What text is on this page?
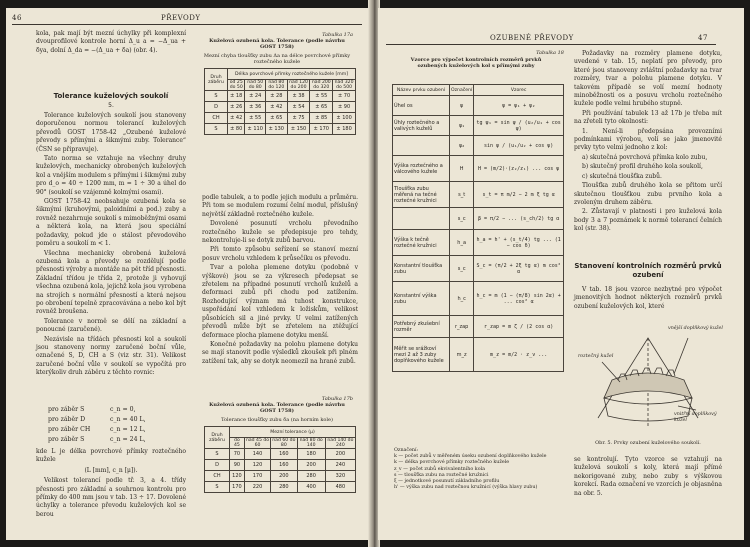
46	PŘEVODY

kola, pak mají být mezní úchylky při komplexní dvouprofilové kontrole horní Δ_u a = −Δ_ua + δya, dolní Δ_da = −(Δ_ua + δa) (obr. 4).

Tolerance kuželových soukolí
5.

Tolerance kuželových soukolí jsou stanoveny doporučenou normou tolerancí kuželových převodů GOST 1758-42 „Ozubené kuželové převody s přímými a šikmými zuby. Tolerance“ (ČSN se připravuje).

Tato norma se vztahuje na všechny druhy kuželových, mechanicky obrobených kuželových kol a vnějším modulem s přímými i šikmými zuby pro d_o = 40 ÷ 1200 mm, m = 1 ÷ 30 a úhel do 90° (soukolí se vzájemně kolmými osami).

GOST 1758-42 neobsahuje ozubená kola se šikmými (kruhovými, paloidními a pod.) zuby a rovněž nezahrnuje soukolí s mimoběžnými osami a některá kola, na která jsou speciální požadavky, pokud jde o stálost převodového poměru a soukolí m < 1.

Všechna mechanicky obrobená kuželová ozubená kola a převody se rozdělují podle přesnosti výroby a montáže na pět tříd přesnosti. Základní třídou je třída 2, protože ji vyhovují všechna ozubená kola, jejichž kola jsou vyrobena na strojích s normální přesností a která nejsou po obrobení tepelně zpracovávána a nebo kol být rovněž broušena.

Tolerance v normě se dělí na základní a ponoucné (zaručené).

Nezávisle na třídách přesnosti kol a soukolí jsou stanoveny normy zaručené boční vůle, označené S, D, CH a S (viz str. 31). Velikost zaručené boční vůle v soukolí se vypočítá pro kterýkoliv druh záběru z těchto rovnic:

pro záběr S	c_n = 0,
pro záběr D	c_n = 40 L,
pro záběr CH	c_n = 12 L,
pro záběr S	c_n = 24 L,

kde L je délka povrchové přímky roztečného kužele

(L [mm], c_n [μ]).

Velikost tolerancí podle tř. 3, a 4. třídy přesnosti pro základní a souhrnou kontrolu pro přímky do 400 mm jsou v tab. 13 ÷ 17. Dovolené úchylky a tolerance převodu kuželových kol se berou

Tabulka 17a
Kuželová ozubená kola. Tolerance (podle návrhu GOST 1758)
Mezní chyba tloušťky zubu Δa na délce povrchové přímky roztečného kužele
Druh záběru	Délka povrchové přímky roztečného kužele [mm]					
	od 25 do 50	nad 50 do 80	nad 80 do 120	nad 120 do 200	nad 200 do 320	nad 320 do 500
S	± 18	± 24	± 28	± 38	± 55	± 70
D	± 26	± 36	± 42	± 54	± 65	± 90
CH	± 42	± 55	± 65	± 75	± 85	± 100
S	± 80	± 110	± 130	± 150	± 170	± 180

podle tabulek, a to podle jejich modulu a průměru. Při tom se modulem rozumí čelní modul, příslušný největší základně roztečného kužele.

Dovolené posunutí vrcholu převodního roztečného kužele se předepisuje pro tehdy, nekontroluje-li se dotyk zubů barvou.

Při tomto způsobu seřízení se stanoví mezní posuv vrcholu vzhledem k průsečíku os převodu.

Tvar a poloha plemene dotyku (podobně v výškové) jsou se za výkresech předepsat se zřetelem na případné posunutí vrcholů kuželů a deformaci zubů při chodu pod zatížením. Rozhodující význam má tuhost konstrukce, uspořádání kol vzhledem k ložiskům, velikost působících sil a jiné prvky. U velmi zatížených převodů může být se zřetelem na ztěžující deformace plocha plamene dotyku menší.

Konečné požadavky na polohu plamene dotyku se mají stanovit podle výsledků zkoušek při plném zatížení tak, aby se dotyk neomezil na hrané zubů.

Tabulka 17b
Kuželová ozubená kola. Tolerance (podle návrhu GOST 1758)
Tolerance tloušťky zubu δa (na horním kole)
Druh záběru	Mezní tolerance (μ)				
	do 45	nad 45 do 60	nad 60 do 80	nad 80 do 140	nad 140 do 240
S	70	140	160	180	200
D	90	120	160	200	240
CH	120	170	200	280	320
S	170	220	280	400	480
OZUBENÉ PŘEVODY	47
Tabulka 18
Vzorce pro výpočet kontrolních rozměrů prvků ozubených kuželových kol s přímými zuby
Název prvku ozubení	Označení	Vzorec
Úhel os	ψ	ψ = ψ₁ + ψ₂
Úhly roztečného a valivých kuželů	ψ₁	tg ψ₁ = sin ψ / (u₂/u₁ + cos ψ)
	ψ₂	sin ψ / (u₁/u₂ + cos ψ)
Výška roztečného a válcového kužele	H	H = (m/2)·(z₂/z₁) ... cos ψ
Tloušťka zubu měřená na tečné roztečné kružnici	s_t	s_t = π m/2 − 2 m ξ tg α
	s_c	β = π/2 − ... (s_ch/2) tg α
Výška k tečně roztečné kružnici	h_a	h_a = h' + (s_t/4) tg ... (1 − cos δ)
Konstantní tloušťka zubu	s_c	S_c = (π/2 + 2ξ tg α) m cos² α
Konstantní výška zubu	h_c	h_c = m (1 − (π/8) sin 2α) + ... cos² α
Potřebný zkušební rozměr	r_zap	r_zap = m ζ / (2 cos α)
Měřit se srážkoví mezi 2 až 3 zuby doplňkového kužele	m_z	m_z = m/2 · z_v ...
Označení:
k — počet zubů v měřeném úseku ozubení doplňkového kužele
k — délka povrchové přímky roztečného kužele
z_v — počet zubů ekvivalentního kola
s — tloušťka zubu na roztečné kružnici
ξ — jednotkové posunutí základního profilu
h' — výška zubu nad roztečnou kružnicí (výška hlavy zubu)

Požadavky na rozměry plamene dotyku, uvedené v tab. 15, neplatí pro převody, pro které jsou stanoveny zvláštní požadavky na tvar rozměry, tvar a polohu plamene dotyku. V takovém případě se volí mezní hodnoty minoběžnosti os a posuvu vrcholu roztečného kužele podle velmi hrubého stupně.

Při používání tabulek 13 až 17b je třeba mít na zřeteli tyto okolnosti:

1. Není-li předepsána provozními podmínkami výrobou, volí se jako jmenovité prvky tyto velmi jednoho z kol:

a) skutečná povrchová přímka kolo zubu,

b) skutečný profil druhého kola soukolí,

c) skutečná tloušťka zubů.

Tloušťka zubů druhého kola se přitom určí skutečnou tloušťkou zubu prvního kola a zvoleným druhem záběru.

2. Zůstavají v platnosti i pro kuželová kola body 3 a 7 poznámek k normě tolerancí čelních kol (str. 38).

Stanovení kontrolních rozměrů prvků ozubení

V tab. 18 jsou vzorce nezbytné pro výpočet jmenovitých hodnot některých rozměrů prvků ozubení kuželových kol, které

vnější doplňkový kužel
roztečný kužel
vnitřní doplňkový kužel
Obr. 5. Prvky ozubení kuželového soukolí.

se kontrolují. Tyto vzorce se vztahují na kuželová soukolí s koly, která mají přímé nekorigované zuby, nebo zuby s výškovou korekcí. Rada označení ve vzorcích je objasněna na obr. 5.
